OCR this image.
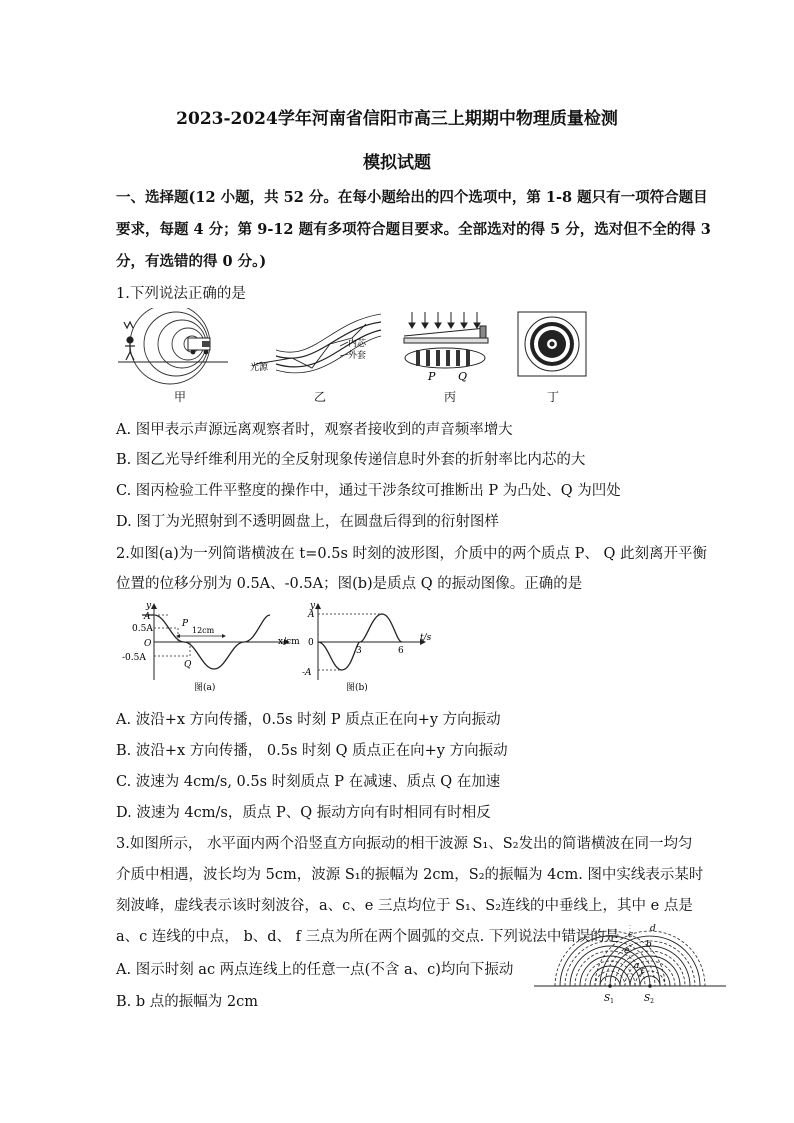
2023-2024学年河南省信阳市高三上期期中物理质量检测
模拟试题
一、选择题(12 小题，共 52 分。在每小题给出的四个选项中，第 1-8 题只有一项符合题目
要求，每题 4 分；第 9-12 题有多项符合题目要求。全部选对的得 5 分，选对但不全的得 3
分，有选错的得 0 分。)
1.下列说法正确的是
光源
内芯
外套
P Q
甲	乙	丙	丁
A. 图甲表示声源远离观察者时，观察者接收到的声音频率增大
B. 图乙光导纤维利用光的全反射现象传递信息时外套的折射率比内芯的大
C. 图丙检验工件平整度的操作中，通过干涉条纹可推断出 P 为凸处、Q 为凹处
D. 图丁为光照射到不透明圆盘上，在圆盘后得到的衍射图样
2.如图(a)为一列简谐横波在 t=0.5s 时刻的波形图，介质中的两个质点 P、 Q 此刻离开平衡
位置的位移分别为 0.5A、-0.5A；图(b)是质点 Q 的振动图像。正确的是
y
A
0.5A
O
-0.5A
P
Q
12cm
x/cm
图(a)
y
A
0
3	6
-A
t/s
图(b)
A. 波沿+x 方向传播，0.5s 时刻 P 质点正在向+y 方向振动
B. 波沿+x 方向传播， 0.5s 时刻 Q 质点正在向+y 方向振动
C. 波速为 4cm/s, 0.5s 时刻质点 P 在减速、质点 Q 在加速
D. 波速为 4cm/s，质点 P、Q 振动方向有时相同有时相反
3.如图所示， 水平面内两个沿竖直方向振动的相干波源 S₁、S₂发出的简谐横波在同一均匀
介质中相遇，波长均为 5cm，波源 S₁的振幅为 2cm，S₂的振幅为 4cm. 图中实线表示某时
刻波峰，虚线表示该时刻波谷，a、c、e 三点均位于 S₁、S₂连线的中垂线上，其中 e 点是
a、c 连线的中点， b、d、 f 三点为所在两个圆弧的交点. 下列说法中错误的是
A. 图示时刻 ac 两点连线上的任意一点(不含 a、c)均向下振动
B. b 点的振幅为 2cm
a
b
c
d
e
f
$S_1$	$S_2$
